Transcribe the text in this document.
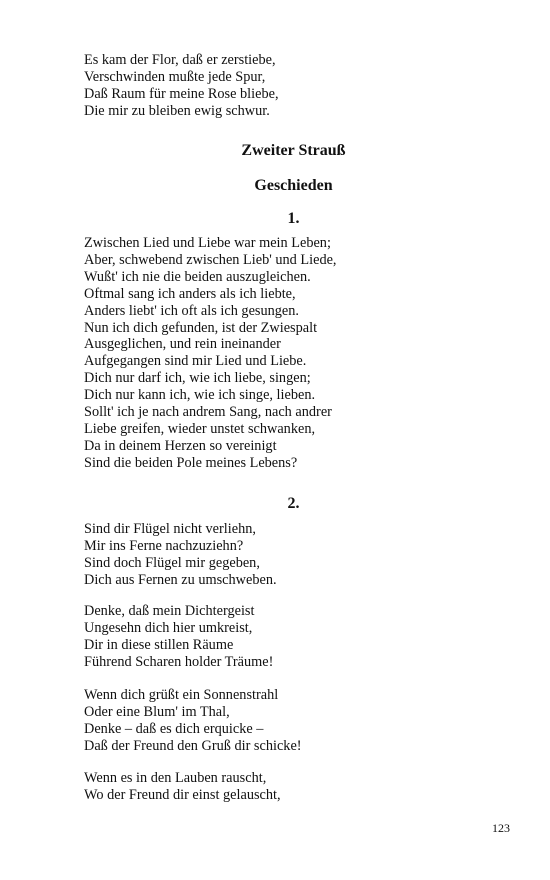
Es kam der Flor, daß er zerstiebe,
Verschwinden mußte jede Spur,
Daß Raum für meine Rose bliebe,
Die mir zu bleiben ewig schwur.
Zweiter Strauß
Geschieden
1.
Zwischen Lied und Liebe war mein Leben;
Aber, schwebend zwischen Lieb' und Liede,
Wußt' ich nie die beiden auszugleichen.
Oftmal sang ich anders als ich liebte,
Anders liebt' ich oft als ich gesungen.
Nun ich dich gefunden, ist der Zwiespalt
Ausgeglichen, und rein ineinander
Aufgegangen sind mir Lied und Liebe.
Dich nur darf ich, wie ich liebe, singen;
Dich nur kann ich, wie ich singe, lieben.
Sollt' ich je nach andrem Sang, nach andrer
Liebe greifen, wieder unstet schwanken,
Da in deinem Herzen so vereinigt
Sind die beiden Pole meines Lebens?
2.
Sind dir Flügel nicht verliehn,
Mir ins Ferne nachzuziehn?
Sind doch Flügel mir gegeben,
Dich aus Fernen zu umschweben.
Denke, daß mein Dichtergeist
Ungesehn dich hier umkreist,
Dir in diese stillen Räume
Führend Scharen holder Träume!
Wenn dich grüßt ein Sonnenstrahl
Oder eine Blum' im Thal,
Denke – daß es dich erquicke –
Daß der Freund den Gruß dir schicke!
Wenn es in den Lauben rauscht,
Wo der Freund dir einst gelauscht,
123
